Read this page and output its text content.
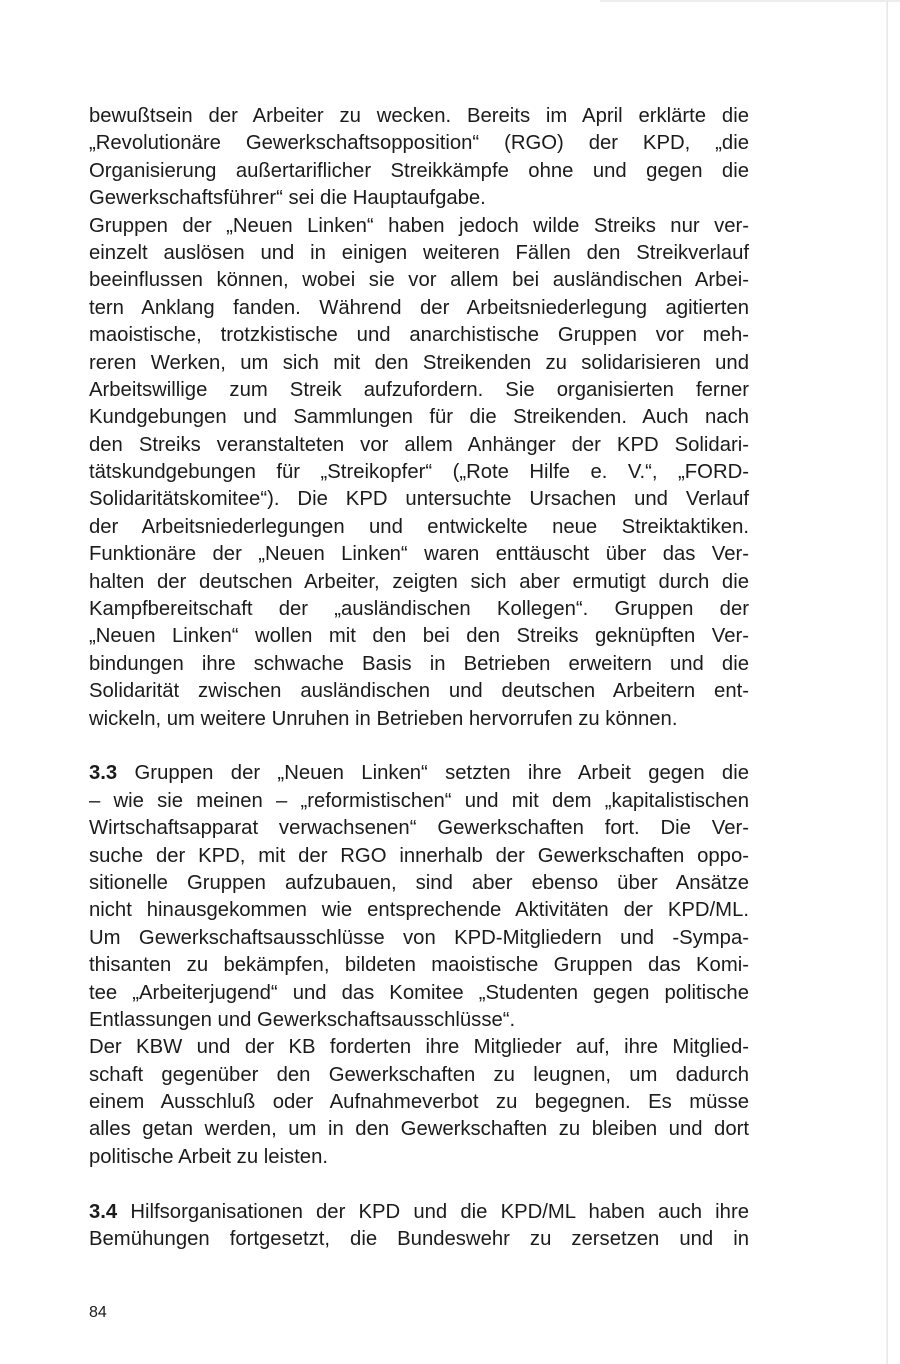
bewußtsein der Arbeiter zu wecken. Bereits im April erklärte die
„Revolutionäre Gewerkschaftsopposition“ (RGO) der KPD, „die
Organisierung außertariflicher Streikkämpfe ohne und gegen die
Gewerkschaftsführer“ sei die Hauptaufgabe.
Gruppen der „Neuen Linken“ haben jedoch wilde Streiks nur ver-
einzelt auslösen und in einigen weiteren Fällen den Streikverlauf
beeinflussen können, wobei sie vor allem bei ausländischen Arbei-
tern Anklang fanden. Während der Arbeitsniederlegung agitierten
maoistische, trotzkistische und anarchistische Gruppen vor meh-
reren Werken, um sich mit den Streikenden zu solidarisieren und
Arbeitswillige zum Streik aufzufordern. Sie organisierten ferner
Kundgebungen und Sammlungen für die Streikenden. Auch nach
den Streiks veranstalteten vor allem Anhänger der KPD Solidari-
tätskundgebungen für „Streikopfer“ („Rote Hilfe e. V.“, „FORD-
Solidaritätskomitee“). Die KPD untersuchte Ursachen und Verlauf
der Arbeitsniederlegungen und entwickelte neue Streiktaktiken.
Funktionäre der „Neuen Linken“ waren enttäuscht über das Ver-
halten der deutschen Arbeiter, zeigten sich aber ermutigt durch die
Kampfbereitschaft der „ausländischen Kollegen“. Gruppen der
„Neuen Linken“ wollen mit den bei den Streiks geknüpften Ver-
bindungen ihre schwache Basis in Betrieben erweitern und die
Solidarität zwischen ausländischen und deutschen Arbeitern ent-
wickeln, um weitere Unruhen in Betrieben hervorrufen zu können.
3.3 Gruppen der „Neuen Linken“ setzten ihre Arbeit gegen die
– wie sie meinen – „reformistischen“ und mit dem „kapitalistischen
Wirtschaftsapparat verwachsenen“ Gewerkschaften fort. Die Ver-
suche der KPD, mit der RGO innerhalb der Gewerkschaften oppo-
sitionelle Gruppen aufzubauen, sind aber ebenso über Ansätze
nicht hinausgekommen wie entsprechende Aktivitäten der KPD/ML.
Um Gewerkschaftsausschlüsse von KPD-Mitgliedern und -Sympa-
thisanten zu bekämpfen, bildeten maoistische Gruppen das Komi-
tee „Arbeiterjugend“ und das Komitee „Studenten gegen politische
Entlassungen und Gewerkschaftsausschlüsse“.
Der KBW und der KB forderten ihre Mitglieder auf, ihre Mitglied-
schaft gegenüber den Gewerkschaften zu leugnen, um dadurch
einem Ausschluß oder Aufnahmeverbot zu begegnen. Es müsse
alles getan werden, um in den Gewerkschaften zu bleiben und dort
politische Arbeit zu leisten.
3.4 Hilfsorganisationen der KPD und die KPD/ML haben auch ihre
Bemühungen fortgesetzt, die Bundeswehr zu zersetzen und in
84
